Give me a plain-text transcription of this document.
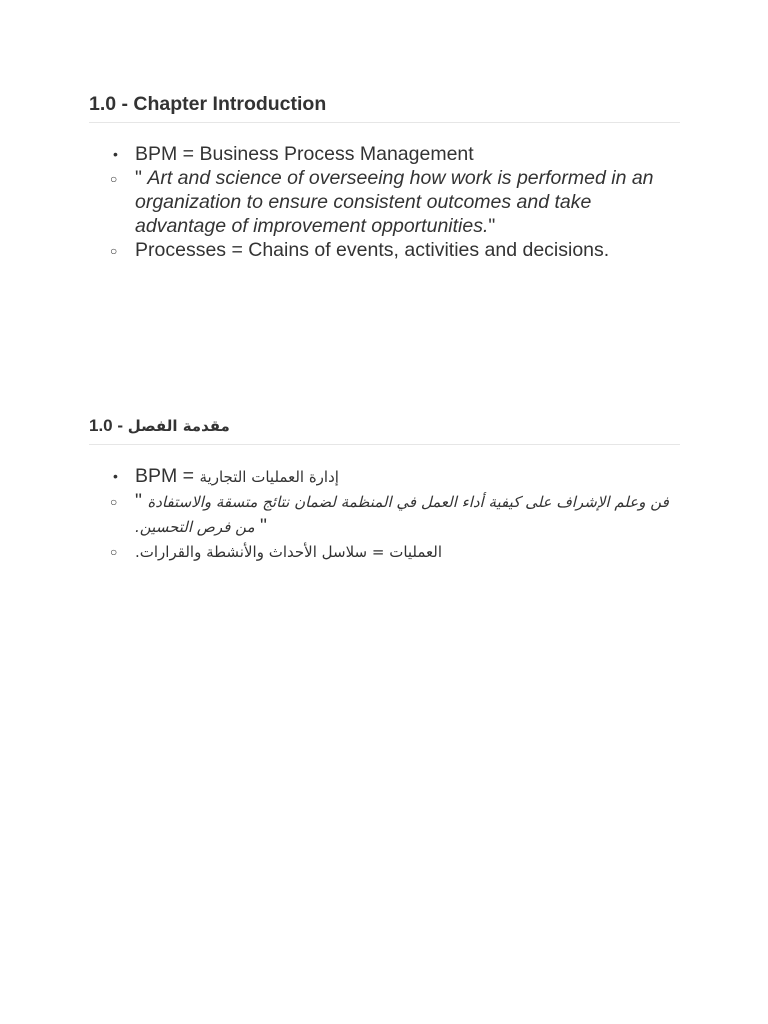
1.0 - Chapter Introduction
• BPM = Business Process Management
○ " Art and science of overseeing how work is performed in an organization to ensure consistent outcomes and take advantage of improvement opportunities."
○ Processes = Chains of events, activities and decisions.
1.0 - مقدمة الفصل
• BPM = إدارة العمليات التجارية
○ " فن وعلم الإشراف على كيفية أداء العمل في المنظمة لضمان نتائج متسقة والاستفادة من فرص التحسين. "
○ العمليات = سلاسل الأحداث والأنشطة والقرارات.
